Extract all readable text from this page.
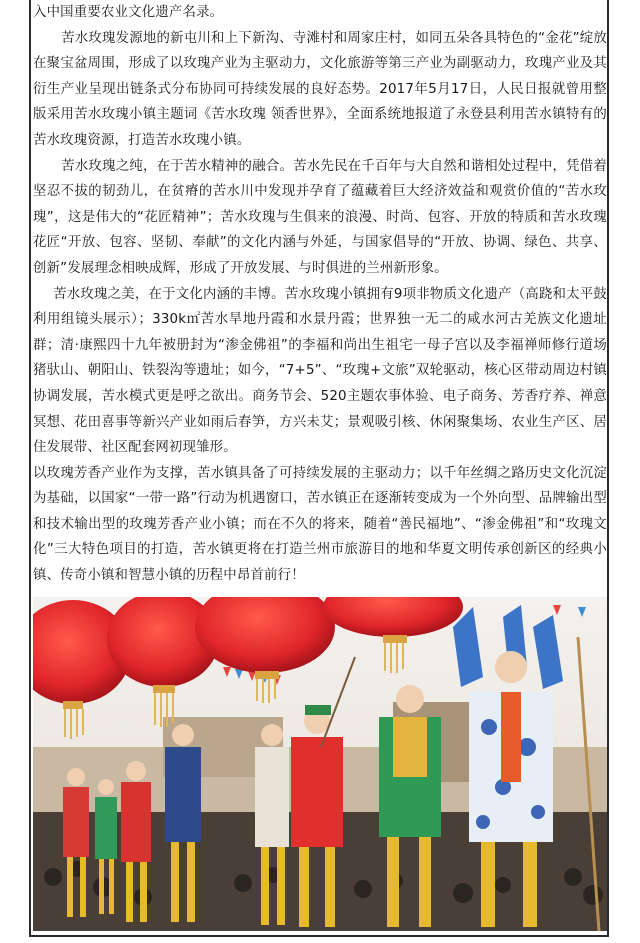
入中国重要农业文化遗产名录。

苦水玫瑰发源地的新屯川和上下新沟、寺滩村和周家庄村，如同五朵各具特色的“金花”绽放在聚宝盆周围，形成了以玫瑰产业为主驱动力，文化旅游等第三产业为副驱动力，玫瑰产业及其衍生产业呈现出链条式分布协同可持续发展的良好态势。2017年5月17日，人民日报就曾用整版采用苦水玫瑰小镇主题词《苦水玫瑰 领香世界》，全面系统地报道了永登县利用苦水镇特有的苦水玫瑰资源，打造苦水玫瑰小镇。

苦水玫瑰之纯，在于苦水精神的融合。苦水先民在千百年与大自然和谐相处过程中，凭借着坚忍不拔的韧劲儿，在贫瘠的苦水川中发现并孕育了蕴藏着巨大经济效益和观赏价值的“苦水玫瑰”，这是伟大的“花匠精神”；苦水玫瑰与生俱来的浪漫、时尚、包容、开放的特质和苦水玫瑰花匠“开放、包容、坚韧、奉献”的文化内涵与外延，与国家倡导的“开放、协调、绿色、共享、创新”发展理念相映成辉，形成了开放发展、与时俱进的兰州新形象。

苦水玫瑰之美，在于文化内涵的丰博。苦水玫瑰小镇拥有9项非物质文化遗产（高跷和太平鼓利用组镜头展示）；330k㎡苦水旱地丹霞和水景丹霞；世界独一无二的咸水河古羌族文化遗址群；清·康熙四十九年被册封为“渗金佛祖”的李福和尚出生祖宅一母子宫以及李福禅师修行道场猪驮山、朝阳山、铁裂沟等遗址；如今，“7+5”、“玫瑰+文旅”双轮驱动，核心区带动周边村镇协调发展，苦水模式更是呼之欲出。商务节会、520主题农事体验、电子商务、芳香疗养、禅意冥想、花田喜事等新兴产业如雨后春笋，方兴未艾；景观吸引核、休闲聚集场、农业生产区、居住发展带、社区配套网初现雏形。

以玫瑰芳香产业作为支撑，苦水镇具备了可持续发展的主驱动力；以千年丝绸之路历史文化沉淀为基础，以国家“一带一路”行动为机遇窗口，苦水镇正在逐渐转变成为一个外向型、品牌输出型和技术输出型的玫瑰芳香产业小镇；而在不久的将来，随着“善民福地”、“渗金佛祖”和“玫瑰文化”三大特色项目的打造，苦水镇更将在打造兰州市旅游目的地和华夏文明传承创新区的经典小镇、传奇小镇和智慧小镇的历程中昂首前行！
